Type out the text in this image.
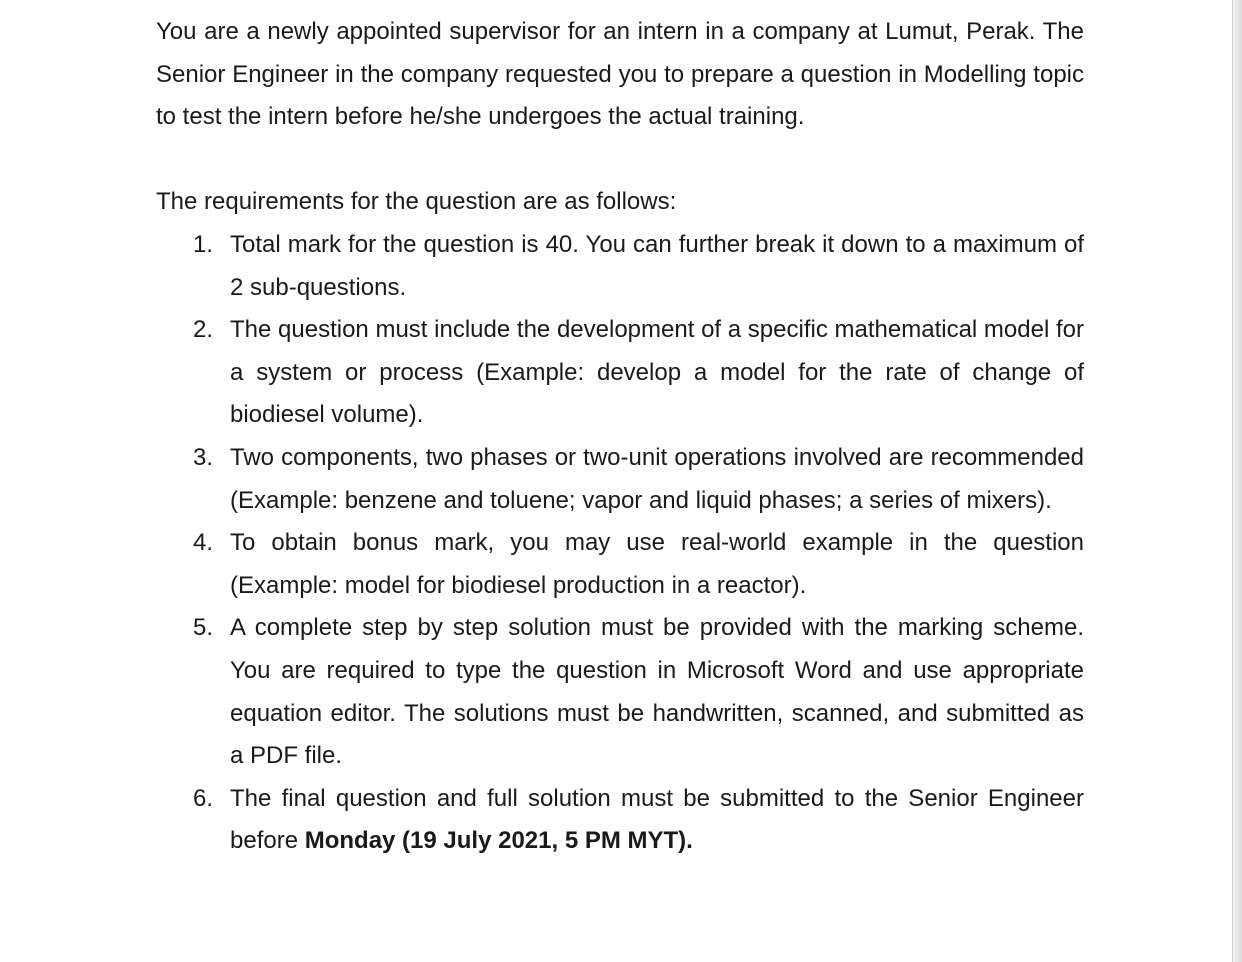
You are a newly appointed supervisor for an intern in a company at Lumut, Perak. The Senior Engineer in the company requested you to prepare a question in Modelling topic to test the intern before he/she undergoes the actual training.

The requirements for the question are as follows:

1. Total mark for the question is 40. You can further break it down to a maximum of 2 sub-questions.
2. The question must include the development of a specific mathematical model for a system or process (Example: develop a model for the rate of change of biodiesel volume).
3. Two components, two phases or two-unit operations involved are recommended (Example: benzene and toluene; vapor and liquid phases; a series of mixers).
4. To obtain bonus mark, you may use real-world example in the question (Example: model for biodiesel production in a reactor).
5. A complete step by step solution must be provided with the marking scheme. You are required to type the question in Microsoft Word and use appropriate equation editor. The solutions must be handwritten, scanned, and submitted as a PDF file.
6. The final question and full solution must be submitted to the Senior Engineer before Monday (19 July 2021, 5 PM MYT).
